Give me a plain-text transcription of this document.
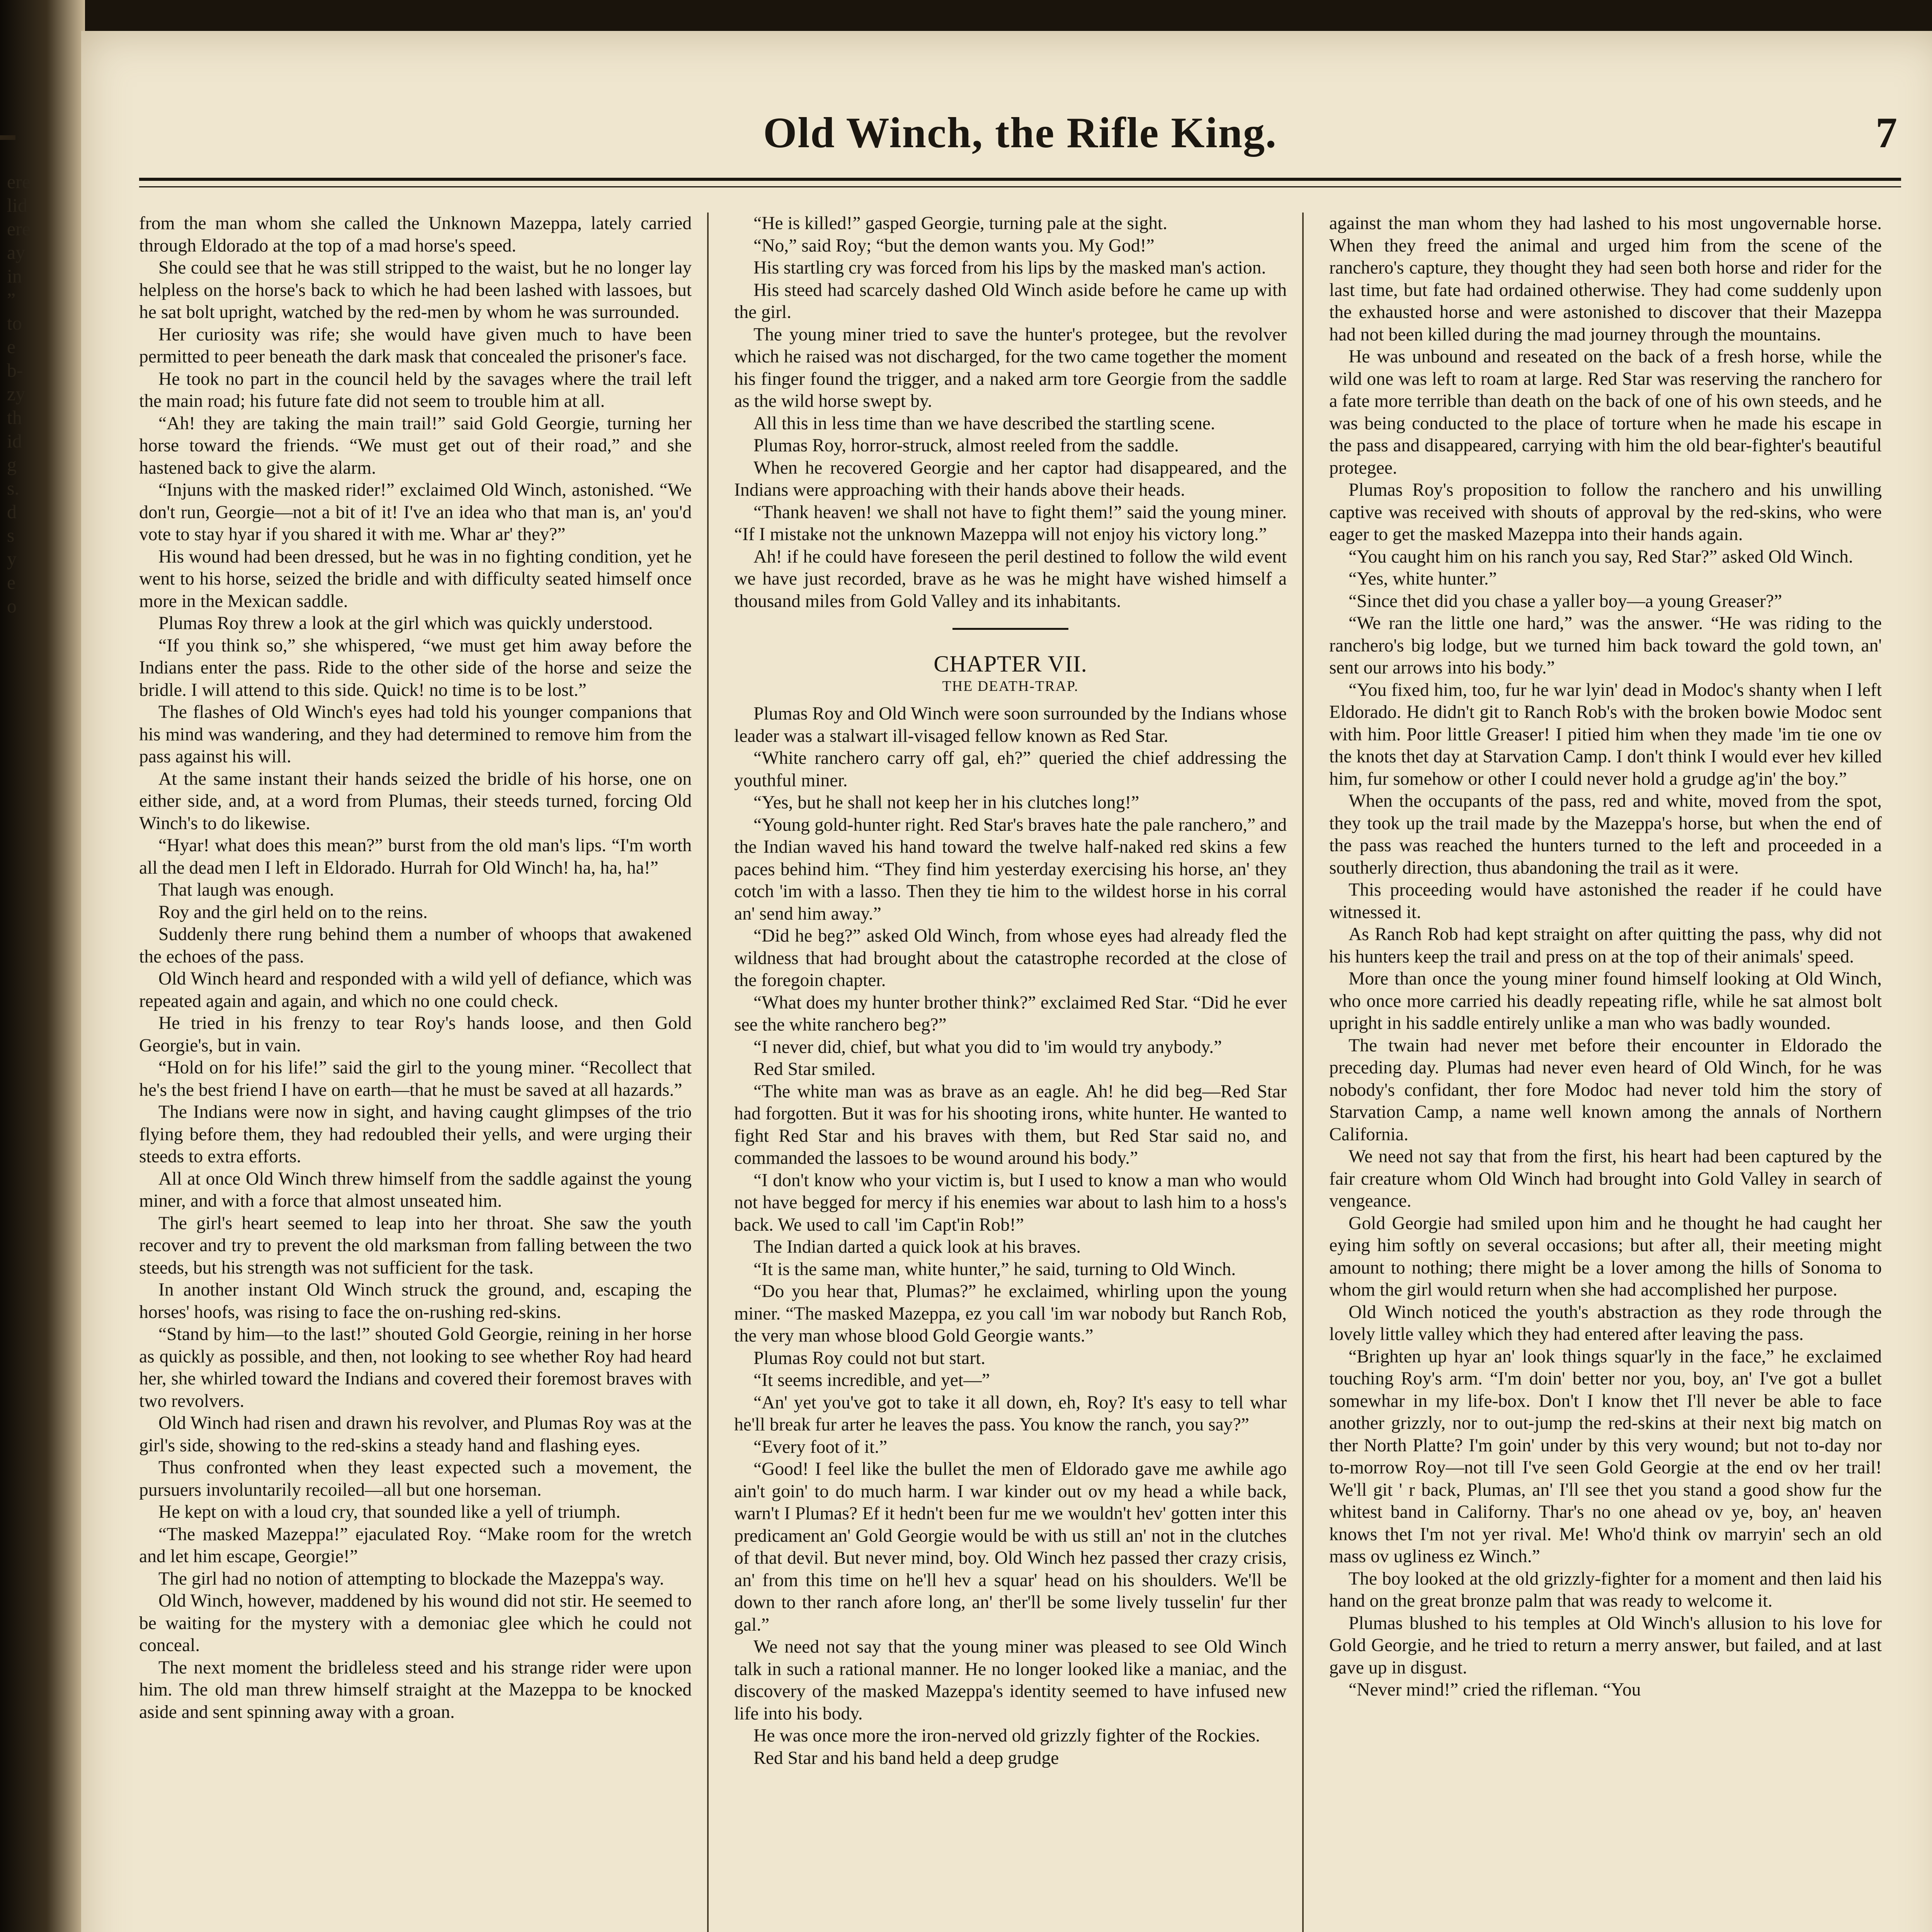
ere
lid
ere
ay
in
”
to
e
b-
zy
th
id
g
s.
d
s
y
e
o
Old Winch, the Rifle King.	7

from the man whom she called the Unknown Mazeppa, lately carried through Eldorado at the top of a mad horse's speed.

She could see that he was still stripped to the waist, but he no longer lay helpless on the horse's back to which he had been lashed with lassoes, but he sat bolt upright, watched by the red-men by whom he was surrounded.

Her curiosity was rife; she would have given much to have been permitted to peer beneath the dark mask that concealed the prisoner's face.

He took no part in the council held by the savages where the trail left the main road; his future fate did not seem to trouble him at all.

“Ah! they are taking the main trail!” said Gold Georgie, turning her horse toward the friends. “We must get out of their road,” and she hastened back to give the alarm.

“Injuns with the masked rider!” exclaimed Old Winch, astonished. “We don't run, Georgie—not a bit of it! I've an idea who that man is, an' you'd vote to stay hyar if you shared it with me. Whar ar' they?”

His wound had been dressed, but he was in no fighting condition, yet he went to his horse, seized the bridle and with difficulty seated himself once more in the Mexican saddle.

Plumas Roy threw a look at the girl which was quickly understood.

“If you think so,” she whispered, “we must get him away before the Indians enter the pass. Ride to the other side of the horse and seize the bridle. I will attend to this side. Quick! no time is to be lost.”

The flashes of Old Winch's eyes had told his younger companions that his mind was wandering, and they had determined to remove him from the pass against his will.

At the same instant their hands seized the bridle of his horse, one on either side, and, at a word from Plumas, their steeds turned, forcing Old Winch's to do likewise.

“Hyar! what does this mean?” burst from the old man's lips. “I'm worth all the dead men I left in Eldorado. Hurrah for Old Winch! ha, ha, ha!”

That laugh was enough.

Roy and the girl held on to the reins.

Suddenly there rung behind them a number of whoops that awakened the echoes of the pass.

Old Winch heard and responded with a wild yell of defiance, which was repeated again and again, and which no one could check.

He tried in his frenzy to tear Roy's hands loose, and then Gold Georgie's, but in vain.

“Hold on for his life!” said the girl to the young miner. “Recollect that he's the best friend I have on earth—that he must be saved at all hazards.”

The Indians were now in sight, and having caught glimpses of the trio flying before them, they had redoubled their yells, and were urging their steeds to extra efforts.

All at once Old Winch threw himself from the saddle against the young miner, and with a force that almost unseated him.

The girl's heart seemed to leap into her throat. She saw the youth recover and try to prevent the old marksman from falling between the two steeds, but his strength was not sufficient for the task.

In another instant Old Winch struck the ground, and, escaping the horses' hoofs, was rising to face the on-rushing red-skins.

“Stand by him—to the last!” shouted Gold Georgie, reining in her horse as quickly as possible, and then, not looking to see whether Roy had heard her, she whirled toward the Indians and covered their foremost braves with two revolvers.

Old Winch had risen and drawn his revolver, and Plumas Roy was at the girl's side, showing to the red-skins a steady hand and flashing eyes.

Thus confronted when they least expected such a movement, the pursuers involuntarily recoiled—all but one horseman.

He kept on with a loud cry, that sounded like a yell of triumph.

“The masked Mazeppa!” ejaculated Roy. “Make room for the wretch and let him escape, Georgie!”

The girl had no notion of attempting to blockade the Mazeppa's way.

Old Winch, however, maddened by his wound did not stir. He seemed to be waiting for the mystery with a demoniac glee which he could not conceal.

The next moment the bridleless steed and his strange rider were upon him. The old man threw himself straight at the Mazeppa to be knocked aside and sent spinning away with a groan.

“He is killed!” gasped Georgie, turning pale at the sight.

“No,” said Roy; “but the demon wants you. My God!”

His startling cry was forced from his lips by the masked man's action.

His steed had scarcely dashed Old Winch aside before he came up with the girl.

The young miner tried to save the hunter's protegee, but the revolver which he raised was not discharged, for the two came together the moment his finger found the trigger, and a naked arm tore Georgie from the saddle as the wild horse swept by.

All this in less time than we have described the startling scene.

Plumas Roy, horror-struck, almost reeled from the saddle.

When he recovered Georgie and her captor had disappeared, and the Indians were approaching with their hands above their heads.

“Thank heaven! we shall not have to fight them!” said the young miner. “If I mistake not the unknown Mazeppa will not enjoy his victory long.”

Ah! if he could have foreseen the peril destined to follow the wild event we have just recorded, brave as he was he might have wished himself a thousand miles from Gold Valley and its inhabitants.

CHAPTER VII.
THE DEATH-TRAP.

Plumas Roy and Old Winch were soon surrounded by the Indians whose leader was a stalwart ill-visaged fellow known as Red Star.

“White ranchero carry off gal, eh?” queried the chief addressing the youthful miner.

“Yes, but he shall not keep her in his clutches long!”

“Young gold-hunter right. Red Star's braves hate the pale ranchero,” and the Indian waved his hand toward the twelve half-naked red skins a few paces behind him. “They find him yesterday exercising his horse, an' they cotch 'im with a lasso. Then they tie him to the wildest horse in his corral an' send him away.”

“Did he beg?” asked Old Winch, from whose eyes had already fled the wildness that had brought about the catastrophe recorded at the close of the foregoin chapter.

“What does my hunter brother think?” exclaimed Red Star. “Did he ever see the white ranchero beg?”

“I never did, chief, but what you did to 'im would try anybody.”

Red Star smiled.

“The white man was as brave as an eagle. Ah! he did beg—Red Star had forgotten. But it was for his shooting irons, white hunter. He wanted to fight Red Star and his braves with them, but Red Star said no, and commanded the lassoes to be wound around his body.”

“I don't know who your victim is, but I used to know a man who would not have begged for mercy if his enemies war about to lash him to a hoss's back. We used to call 'im Capt'in Rob!”

The Indian darted a quick look at his braves.

“It is the same man, white hunter,” he said, turning to Old Winch.

“Do you hear that, Plumas?” he exclaimed, whirling upon the young miner. “The masked Mazeppa, ez you call 'im war nobody but Ranch Rob, the very man whose blood Gold Georgie wants.”

Plumas Roy could not but start.

“It seems incredible, and yet—”

“An' yet you've got to take it all down, eh, Roy? It's easy to tell whar he'll break fur arter he leaves the pass. You know the ranch, you say?”

“Every foot of it.”

“Good! I feel like the bullet the men of Eldorado gave me awhile ago ain't goin' to do much harm. I war kinder out ov my head a while back, warn't I Plumas? Ef it hedn't been fur me we wouldn't hev' gotten inter this predicament an' Gold Georgie would be with us still an' not in the clutches of that devil. But never mind, boy. Old Winch hez passed ther crazy crisis, an' from this time on he'll hev a squar' head on his shoulders. We'll be down to ther ranch afore long, an' ther'll be some lively tusselin' fur ther gal.”

We need not say that the young miner was pleased to see Old Winch talk in such a rational manner. He no longer looked like a maniac, and the discovery of the masked Mazeppa's identity seemed to have infused new life into his body.

He was once more the iron-nerved old grizzly fighter of the Rockies.

Red Star and his band held a deep grudge

against the man whom they had lashed to his most ungovernable horse. When they freed the animal and urged him from the scene of the ranchero's capture, they thought they had seen both horse and rider for the last time, but fate had ordained otherwise. They had come suddenly upon the exhausted horse and were astonished to discover that their Mazeppa had not been killed during the mad journey through the mountains.

He was unbound and reseated on the back of a fresh horse, while the wild one was left to roam at large. Red Star was reserving the ranchero for a fate more terrible than death on the back of one of his own steeds, and he was being conducted to the place of torture when he made his escape in the pass and disappeared, carrying with him the old bear-fighter's beautiful protegee.

Plumas Roy's proposition to follow the ranchero and his unwilling captive was received with shouts of approval by the red-skins, who were eager to get the masked Mazeppa into their hands again.

“You caught him on his ranch you say, Red Star?” asked Old Winch.

“Yes, white hunter.”

“Since thet did you chase a yaller boy—a young Greaser?”

“We ran the little one hard,” was the answer. “He was riding to the ranchero's big lodge, but we turned him back toward the gold town, an' sent our arrows into his body.”

“You fixed him, too, fur he war lyin' dead in Modoc's shanty when I left Eldorado. He didn't git to Ranch Rob's with the broken bowie Modoc sent with him. Poor little Greaser! I pitied him when they made 'im tie one ov the knots thet day at Starvation Camp. I don't think I would ever hev killed him, fur somehow or other I could never hold a grudge ag'in' the boy.”

When the occupants of the pass, red and white, moved from the spot, they took up the trail made by the Mazeppa's horse, but when the end of the pass was reached the hunters turned to the left and proceeded in a southerly direction, thus abandoning the trail as it were.

This proceeding would have astonished the reader if he could have witnessed it.

As Ranch Rob had kept straight on after quitting the pass, why did not his hunters keep the trail and press on at the top of their animals' speed.

More than once the young miner found himself looking at Old Winch, who once more carried his deadly repeating rifle, while he sat almost bolt upright in his saddle entirely unlike a man who was badly wounded.

The twain had never met before their encounter in Eldorado the preceding day. Plumas had never even heard of Old Winch, for he was nobody's confidant, ther fore Modoc had never told him the story of Starvation Camp, a name well known among the annals of Northern California.

We need not say that from the first, his heart had been captured by the fair creature whom Old Winch had brought into Gold Valley in search of vengeance.

Gold Georgie had smiled upon him and he thought he had caught her eying him softly on several occasions; but after all, their meeting might amount to nothing; there might be a lover among the hills of Sonoma to whom the girl would return when she had accomplished her purpose.

Old Winch noticed the youth's abstraction as they rode through the lovely little valley which they had entered after leaving the pass.

“Brighten up hyar an' look things squar'ly in the face,” he exclaimed touching Roy's arm. “I'm doin' better nor you, boy, an' I've got a bullet somewhar in my life-box. Don't I know thet I'll never be able to face another grizzly, nor to out-jump the red-skins at their next big match on ther North Platte? I'm goin' under by this very wound; but not to-day nor to-morrow Roy—not till I've seen Gold Georgie at the end ov her trail! We'll git ' r back, Plumas, an' I'll see thet you stand a good show fur the whitest band in Californy. Thar's no one ahead ov ye, boy, an' heaven knows thet I'm not yer rival. Me! Who'd think ov marryin' sech an old mass ov ugliness ez Winch.”

The boy looked at the old grizzly-fighter for a moment and then laid his hand on the great bronze palm that was ready to welcome it.

Plumas blushed to his temples at Old Winch's allusion to his love for Gold Georgie, and he tried to return a merry answer, but failed, and at last gave up in disgust.

“Never mind!” cried the rifleman. “You
